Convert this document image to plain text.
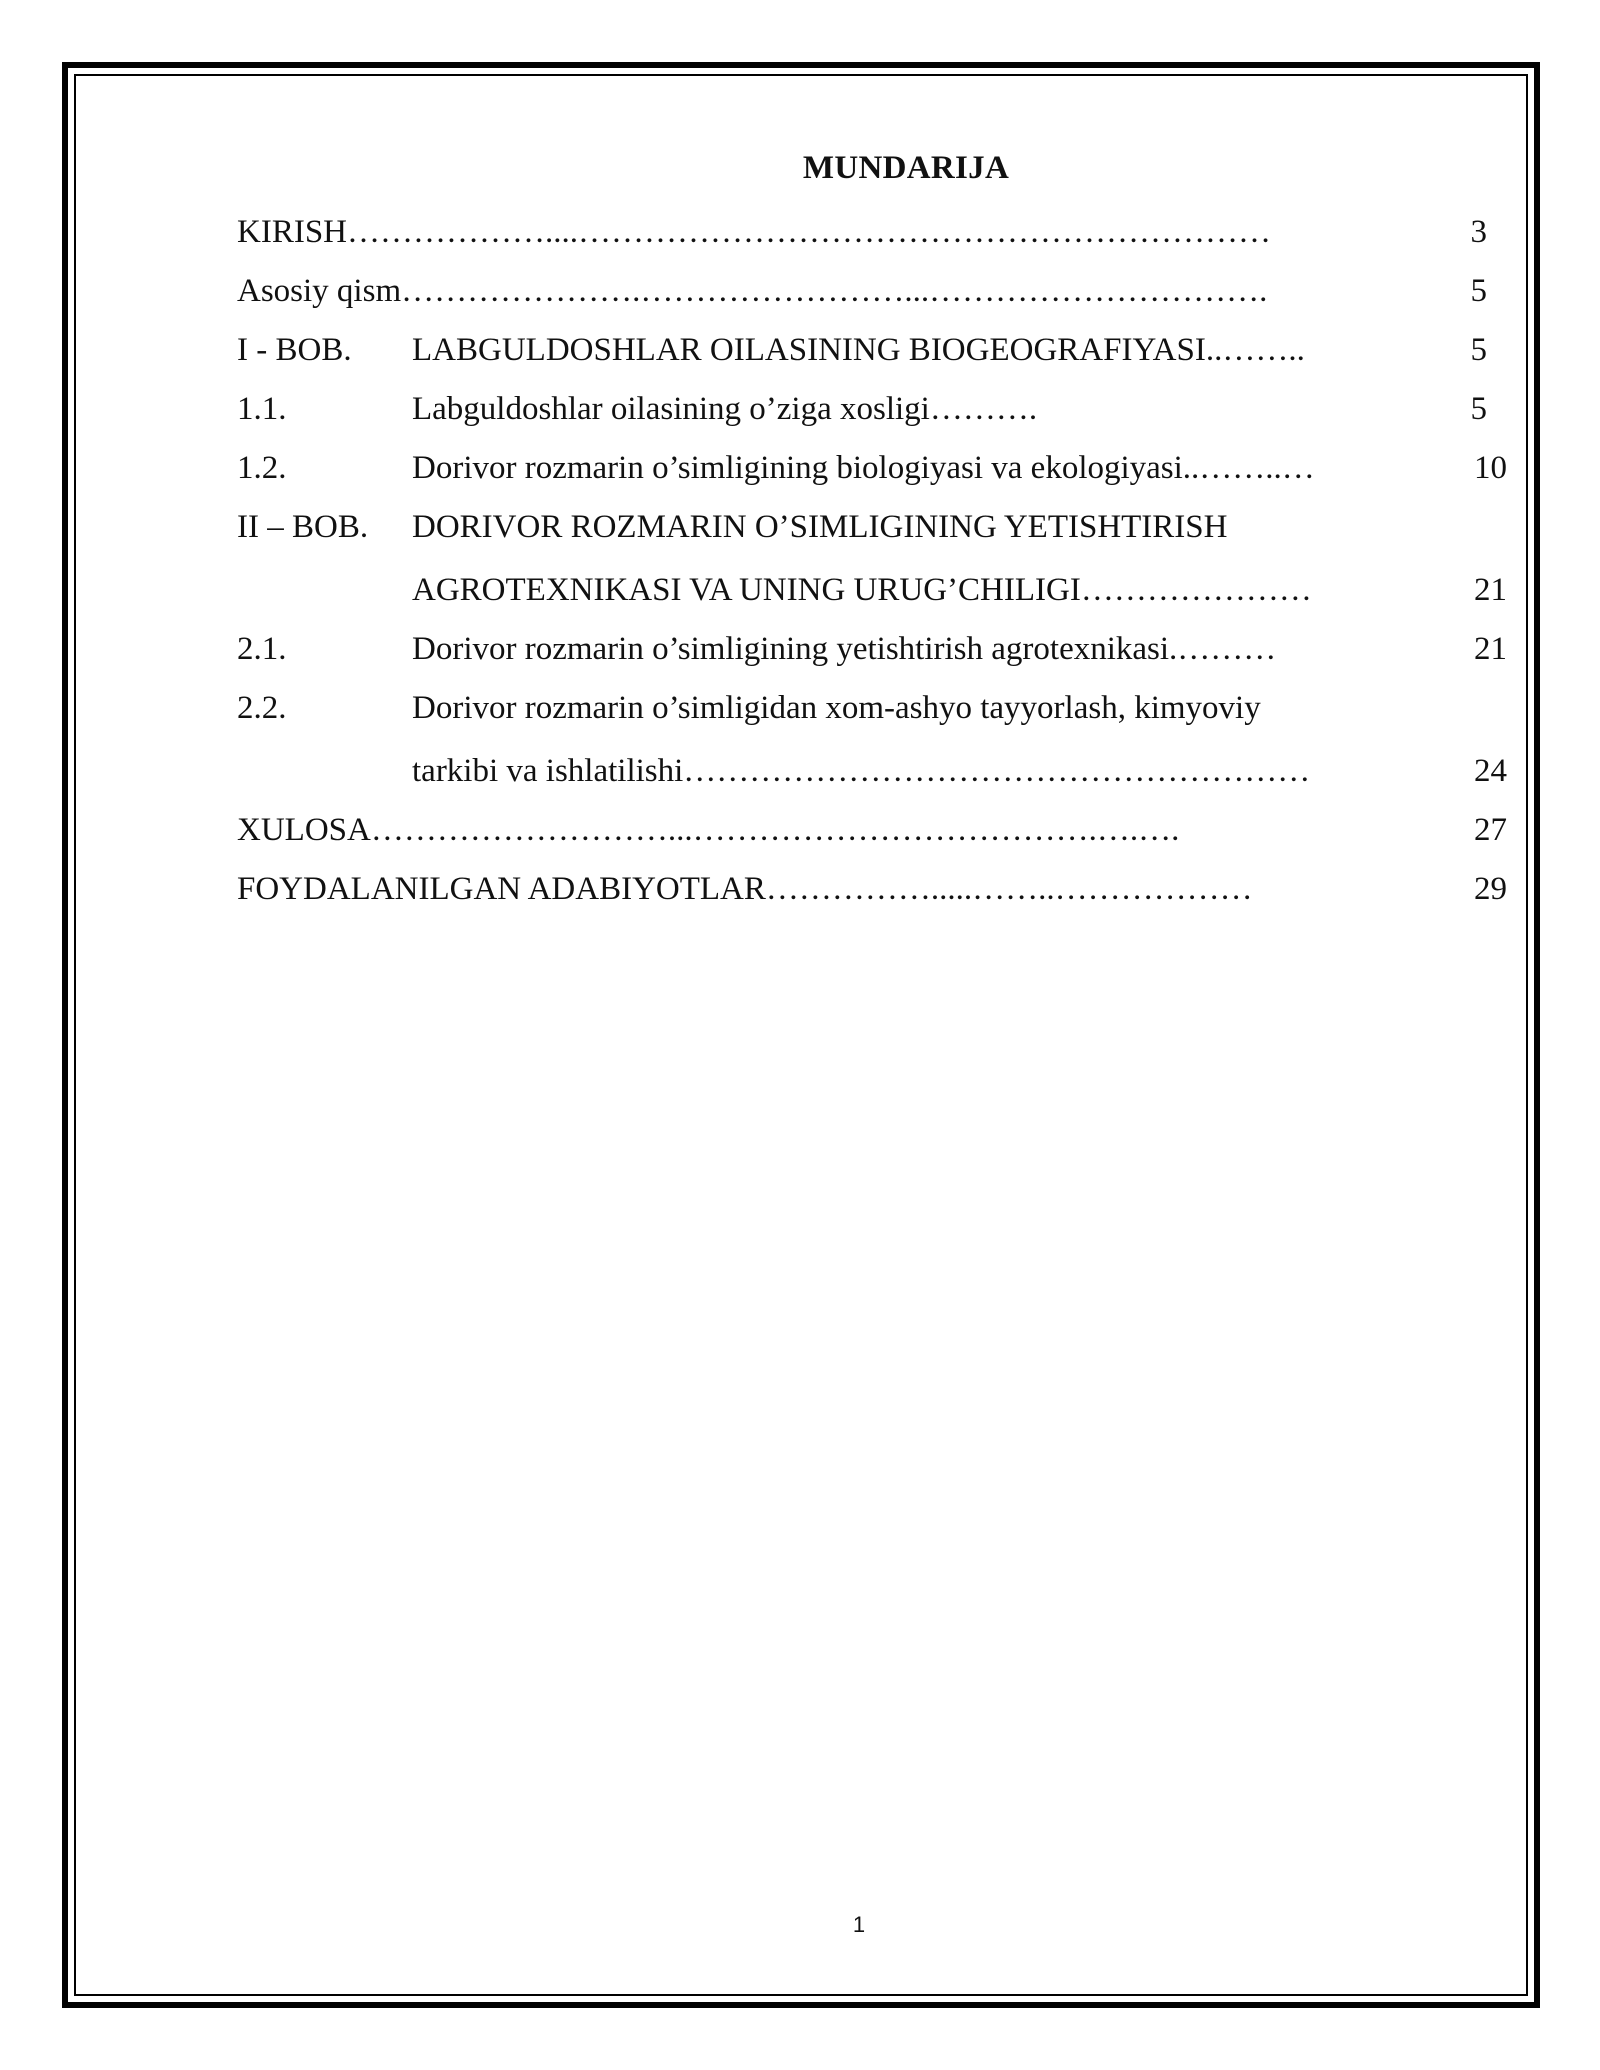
MUNDARIJA
KIRISH………………....………………………………………………………	3
Asosiy qism………………….……………………...………………………….	5
I - BOB. LABGULDOSHLAR OILASINING BIOGEOGRAFIYASI..……..	5
1.1.	Labguldoshlar oilasining o’ziga xosligi……….	5
1.2.	Dorivor rozmarin o’simligining biologiyasi va ekologiyasi..……..…	10
II – BOB. DORIVOR ROZMARIN O’SIMLIGINING YETISHTIRISH
AGROTEXNIKASI VA UNING URUG’CHILIGI…………………	21
2.1.	Dorivor rozmarin o’simligining yetishtirish agrotexnikasi.………	21
2.2.	Dorivor rozmarin o’simligidan xom-ashyo tayyorlash, kimyoviy
tarkibi va ishlatilishi…………………………………………………	24
XULOSA………………………...……………………………….….….	27
FOYDALANILGAN ADABIYOTLAR…………….....……..………………	29
1
